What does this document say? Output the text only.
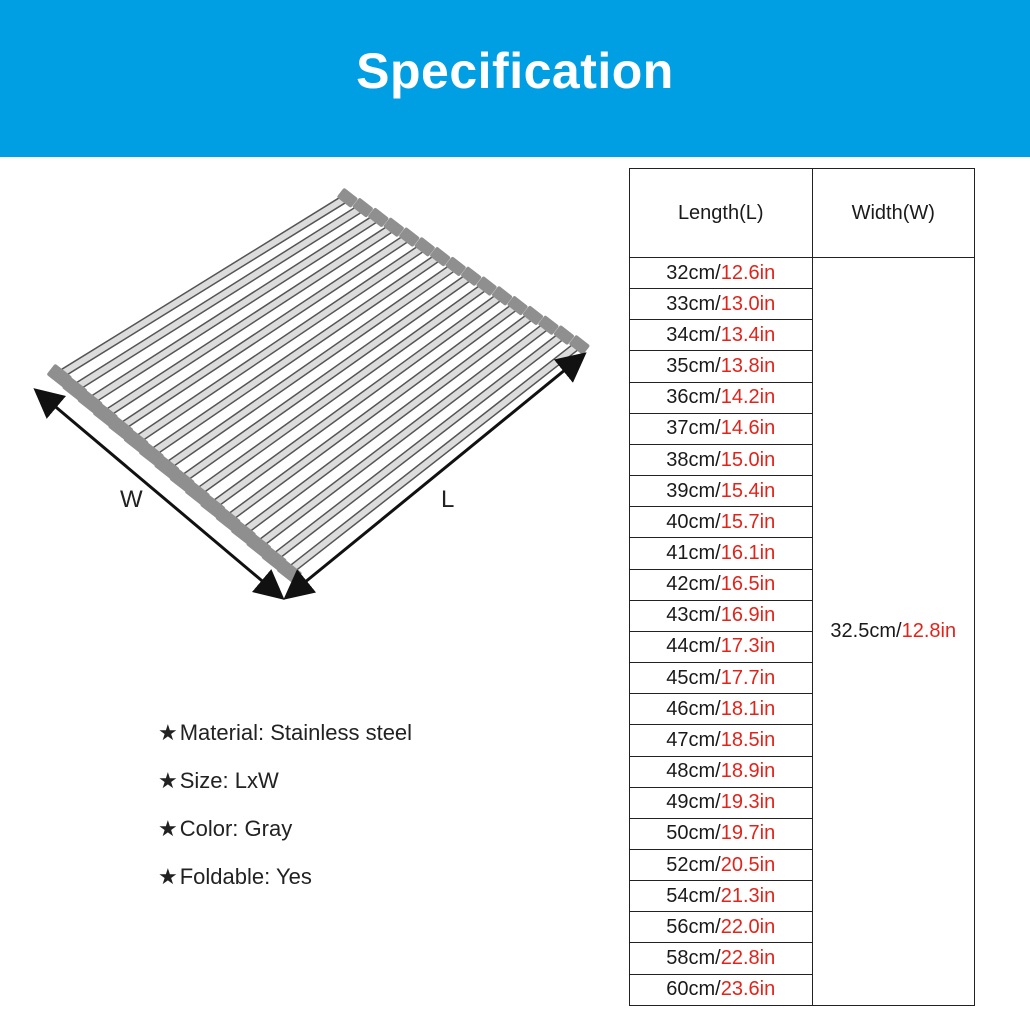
Specification
W	L
★Material: Stainless steel
★Size: LxW
★Color: Gray
★Foldable: Yes
Length(L)	Width(W)
32cm/12.6in	32.5cm/12.8in
33cm/13.0in	
34cm/13.4in	
35cm/13.8in	
36cm/14.2in	
37cm/14.6in	
38cm/15.0in	
39cm/15.4in	
40cm/15.7in	
41cm/16.1in	
42cm/16.5in	
43cm/16.9in	
44cm/17.3in	
45cm/17.7in	
46cm/18.1in	
47cm/18.5in	
48cm/18.9in	
49cm/19.3in	
50cm/19.7in	
52cm/20.5in	
54cm/21.3in	
56cm/22.0in	
58cm/22.8in	
60cm/23.6in	
